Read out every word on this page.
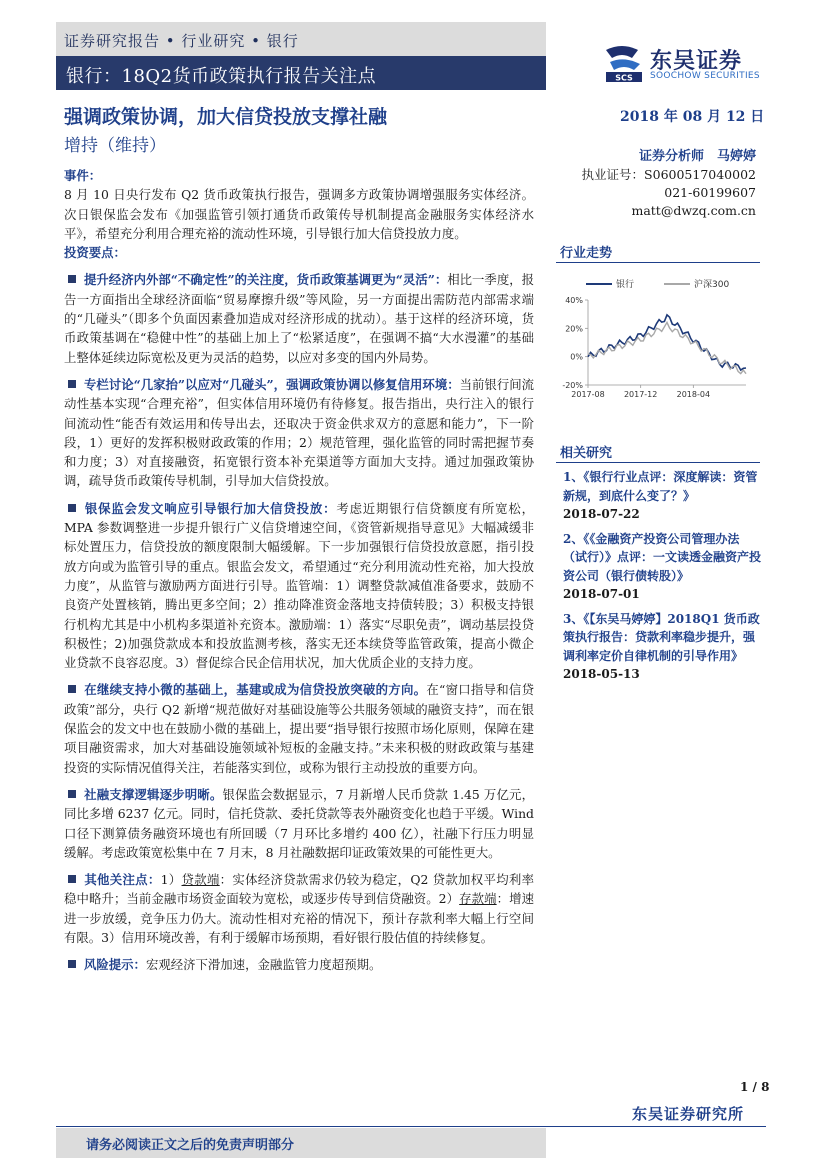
证券研究报告 • 行业研究 • 银行
银行：18Q2货币政策执行报告关注点	SCS
东吴证券
SOOCHOW SECURITIES
强调政策协调，加大信贷投放支撑社融
增持（维持）
2018 年 08 月 12 日
证券分析师　马婷婷
执业证号：S0600517040002
021-60199607
matt@dwzq.com.cn
行业走势
40%
20%
0%
-20%
2017-08 2017-12 2018-04
银行	沪深300
相关研究
1、《银行行业点评：深度解读：资管新规，到底什么变了？》
2018-07-22
2、《《金融资产投资公司管理办法（试行）》点评：一文读透金融资产投资公司（银行债转股）》
2018-07-01
3、《【东吴马婷婷】2018Q1 货币政策执行报告：贷款利率稳步提升，强调利率定价自律机制的引导作用》
2018-05-13

事件：

8 月 10 日央行发布 Q2 货币政策执行报告，强调多方政策协调增强服务实体经济。次日银保监会发布《加强监管引领打通货币政策传导机制提高金融服务实体经济水平》，希望充分利用合理充裕的流动性环境，引导银行加大信贷投放力度。

投资要点：

提升经济内外部“不确定性”的关注度，货币政策基调更为“灵活”：相比一季度，报告一方面指出全球经济面临“贸易摩擦升级”等风险，另一方面提出需防范内部需求端的“几碰头”（即多个负面因素叠加造成对经济形成的扰动）。基于这样的经济环境，货币政策基调在“稳健中性”的基础上加上了“松紧适度”，在强调不搞“大水漫灌”的基础上整体延续边际宽松及更为灵活的趋势，以应对多变的国内外局势。

专栏讨论“几家抬”以应对“几碰头”，强调政策协调以修复信用环境：当前银行间流动性基本实现“合理充裕”，但实体信用环境仍有待修复。报告指出，央行注入的银行间流动性“能否有效运用和传导出去，还取决于资金供求双方的意愿和能力”，下一阶段，1）更好的发挥积极财政政策的作用；2）规范管理，强化监管的同时需把握节奏和力度；3）对直接融资，拓宽银行资本补充渠道等方面加大支持。通过加强政策协调，疏导货币政策传导机制，引导加大信贷投放。

银保监会发文响应引导银行加大信贷投放：考虑近期银行信贷额度有所宽松，MPA 参数调整进一步提升银行广义信贷增速空间，《资管新规指导意见》大幅减缓非标处置压力，信贷投放的额度限制大幅缓解。下一步加强银行信贷投放意愿，指引投放方向或为监管引导的重点。银监会发文，希望通过“充分利用流动性充裕，加大投放力度”，从监管与激励两方面进行引导。监管端：1）调整贷款减值准备要求，鼓励不良资产处置核销，腾出更多空间；2）推动降准资金落地支持债转股；3）积极支持银行机构尤其是中小机构多渠道补充资本。激励端：1）落实“尽职免责”，调动基层投贷积极性；2)加强贷款成本和投放监测考核，落实无还本续贷等监管政策，提高小微企业贷款不良容忍度。3）督促综合民企信用状况，加大优质企业的支持力度。

在继续支持小微的基础上，基建或成为信贷投放突破的方向。在“窗口指导和信贷政策”部分，央行 Q2 新增“规范做好对基础设施等公共服务领域的融资支持”，而在银保监会的发文中也在鼓励小微的基础上，提出要“指导银行按照市场化原则，保障在建项目融资需求，加大对基础设施领域补短板的金融支持。”未来积极的财政政策与基建投资的实际情况值得关注，若能落实到位，或称为银行主动投放的重要方向。

社融支撑逻辑逐步明晰。银保监会数据显示，7 月新增人民币贷款 1.45 万亿元，同比多增 6237 亿元。同时，信托贷款、委托贷款等表外融资变化也趋于平缓。Wind 口径下测算债务融资环境也有所回暖（7 月环比多增约 400 亿），社融下行压力明显缓解。考虑政策宽松集中在 7 月末，8 月社融数据印证政策效果的可能性更大。

其他关注点：1）贷款端：实体经济贷款需求仍较为稳定，Q2 贷款加权平均利率稳中略升；当前金融市场资金面较为宽松，或逐步传导到信贷融资。2）存款端：增速进一步放缓，竞争压力仍大。流动性相对充裕的情况下，预计存款利率大幅上行空间有限。3）信用环境改善，有利于缓解市场预期，看好银行股估值的持续修复。

风险提示：宏观经济下滑加速，金融监管力度超预期。

1 / 8
东吴证券研究所
请务必阅读正文之后的免责声明部分
